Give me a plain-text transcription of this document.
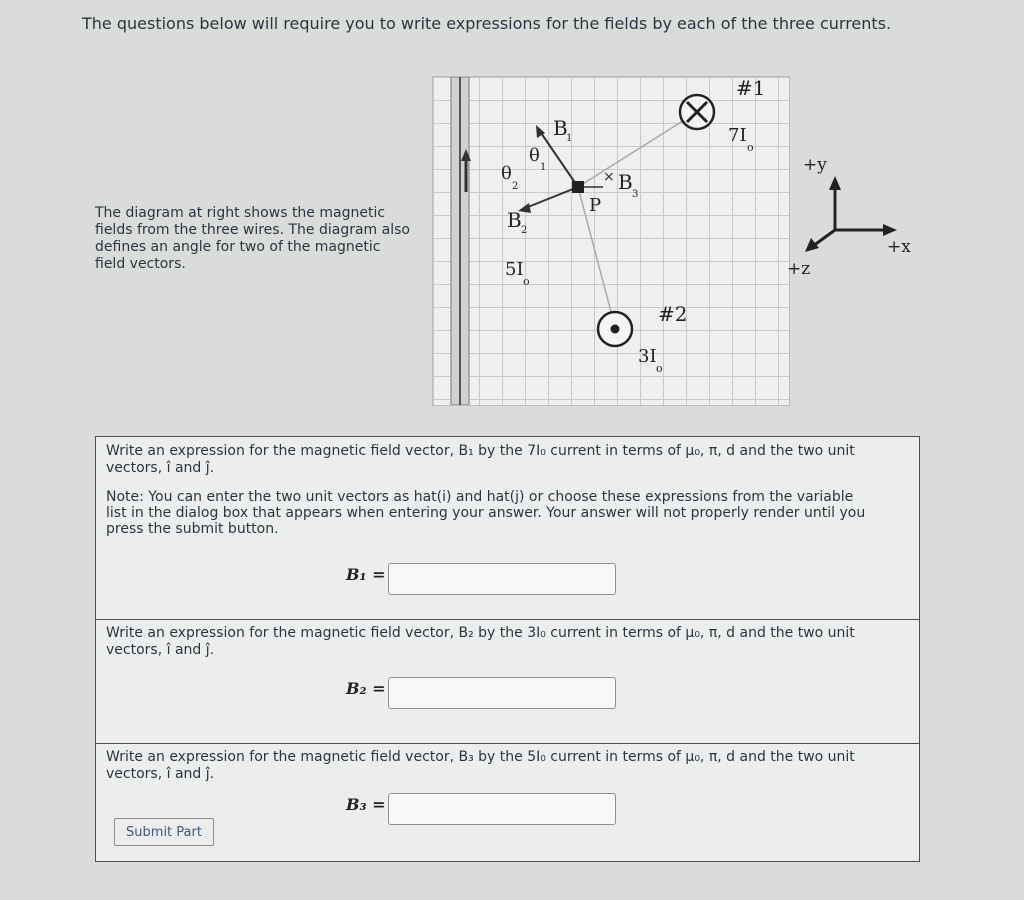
The questions below will require you to write expressions for the fields by each of the three currents.
The diagram at right shows the magnetic fields from the three wires. The diagram also defines an angle for two of the magnetic field vectors.
#1
7I
o
#2
3I
o
5I
o
P
B
1
B 2
× B
3
θ
1
θ
2
+y
+x
+z
Write an expression for the magnetic field vector, B₁ by the 7I₀ current in terms of μ₀, π, d and the two unit vectors, î and ĵ.
Note: You can enter the two unit vectors as hat(i) and hat(j) or choose these expressions from the variable list in the dialog box that appears when entering your answer. Your answer will not properly render until you press the submit button.
B₁ =
Write an expression for the magnetic field vector, B₂ by the 3I₀ current in terms of μ₀, π, d and the two unit vectors, î and ĵ.
B₂ =
Write an expression for the magnetic field vector, B₃ by the 5I₀ current in terms of μ₀, π, d and the two unit vectors, î and ĵ.
B₃ =
Submit Part
